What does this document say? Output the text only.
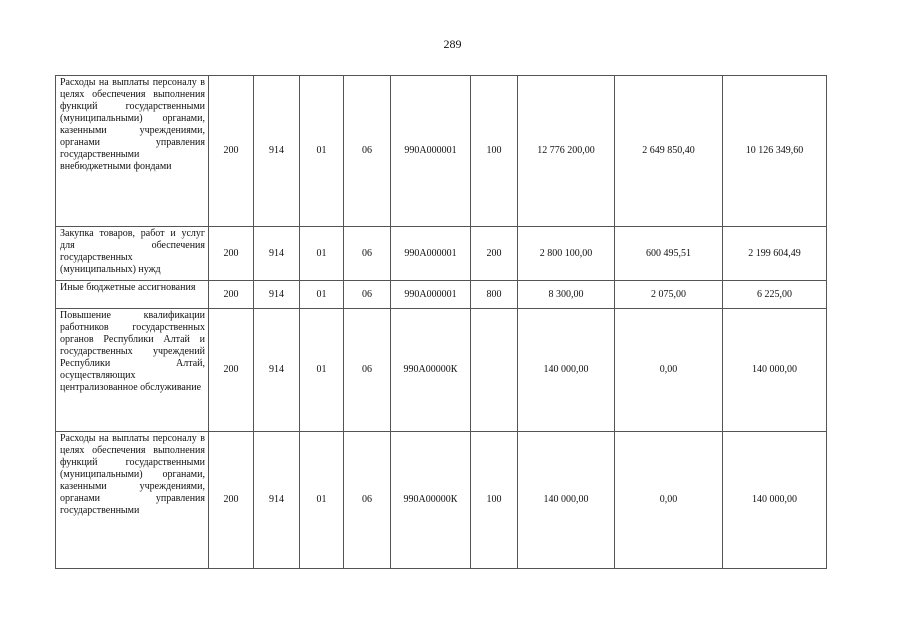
289
Расходы на выплаты персоналу в целях обеспечения выполнения функций государственными (муниципальными) органами, казенными учреждениями, органами управления государственными внебюджетными фондами	200	914	01	06	990А000001	100	12 776 200,00	2 649 850,40	10 126 349,60
Закупка товаров, работ и услуг для обеспечения государственных (муниципальных) нужд	200	914	01	06	990А000001	200	2 800 100,00	600 495,51	2 199 604,49
Иные бюджетные ассигнования	200	914	01	06	990А000001	800	8 300,00	2 075,00	6 225,00
Повышение квалификации работников государственных органов Республики Алтай и государственных учреждений Республики Алтай, осуществляющих централизованное обслуживание	200	914	01	06	990А00000К		140 000,00	0,00	140 000,00
Расходы на выплаты персоналу в целях обеспечения выполнения функций государственными (муниципальными) органами, казенными учреждениями, органами управления государственными	200	914	01	06	990А00000К	100	140 000,00	0,00	140 000,00
